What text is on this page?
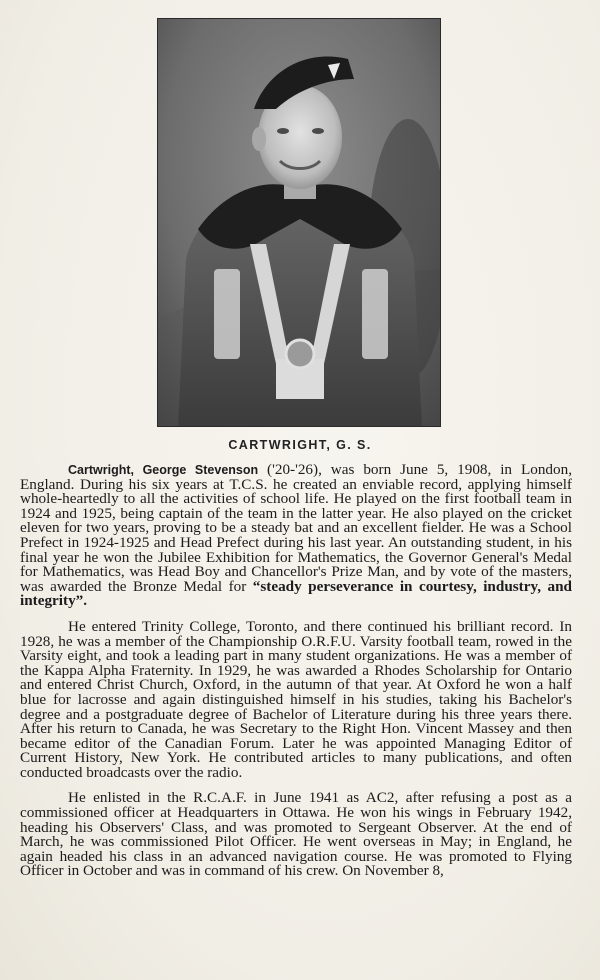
CARTWRIGHT, G. S.

Cartwright, George Stevenson ('20-'26), was born June 5, 1908, in London, England. During his six years at T.C.S. he created an enviable record, applying himself whole-heartedly to all the activities of school life. He played on the first football team in 1924 and 1925, being captain of the team in the latter year. He also played on the cricket eleven for two years, proving to be a steady bat and an excellent fielder. He was a School Prefect in 1924-1925 and Head Prefect during his last year. An outstanding student, in his final year he won the Jubilee Exhibition for Mathematics, the Governor General's Medal for Mathematics, was Head Boy and Chancellor's Prize Man, and by vote of the masters, was awarded the Bronze Medal for “steady perseverance in courtesy, industry, and integrity”.

He entered Trinity College, Toronto, and there continued his brilliant record. In 1928, he was a member of the Championship O.R.F.U. Varsity football team, rowed in the Varsity eight, and took a leading part in many student organizations. He was a member of the Kappa Alpha Fraternity. In 1929, he was awarded a Rhodes Scholarship for Ontario and entered Christ Church, Oxford, in the autumn of that year. At Oxford he won a half blue for lacrosse and again distinguished himself in his studies, taking his Bachelor's degree and a postgraduate degree of Bachelor of Literature during his three years there. After his return to Canada, he was Secretary to the Right Hon. Vincent Massey and then became editor of the Canadian Forum. Later he was appointed Managing Editor of Current History, New York. He contributed articles to many publications, and often conducted broadcasts over the radio.

He enlisted in the R.C.A.F. in June 1941 as AC2, after refusing a post as a commissioned officer at Headquarters in Ottawa. He won his wings in February 1942, heading his Observers' Class, and was promoted to Sergeant Observer. At the end of March, he was commissioned Pilot Officer. He went overseas in May; in England, he again headed his class in an advanced navigation course. He was promoted to Flying Officer in October and was in command of his crew. On November 8,
